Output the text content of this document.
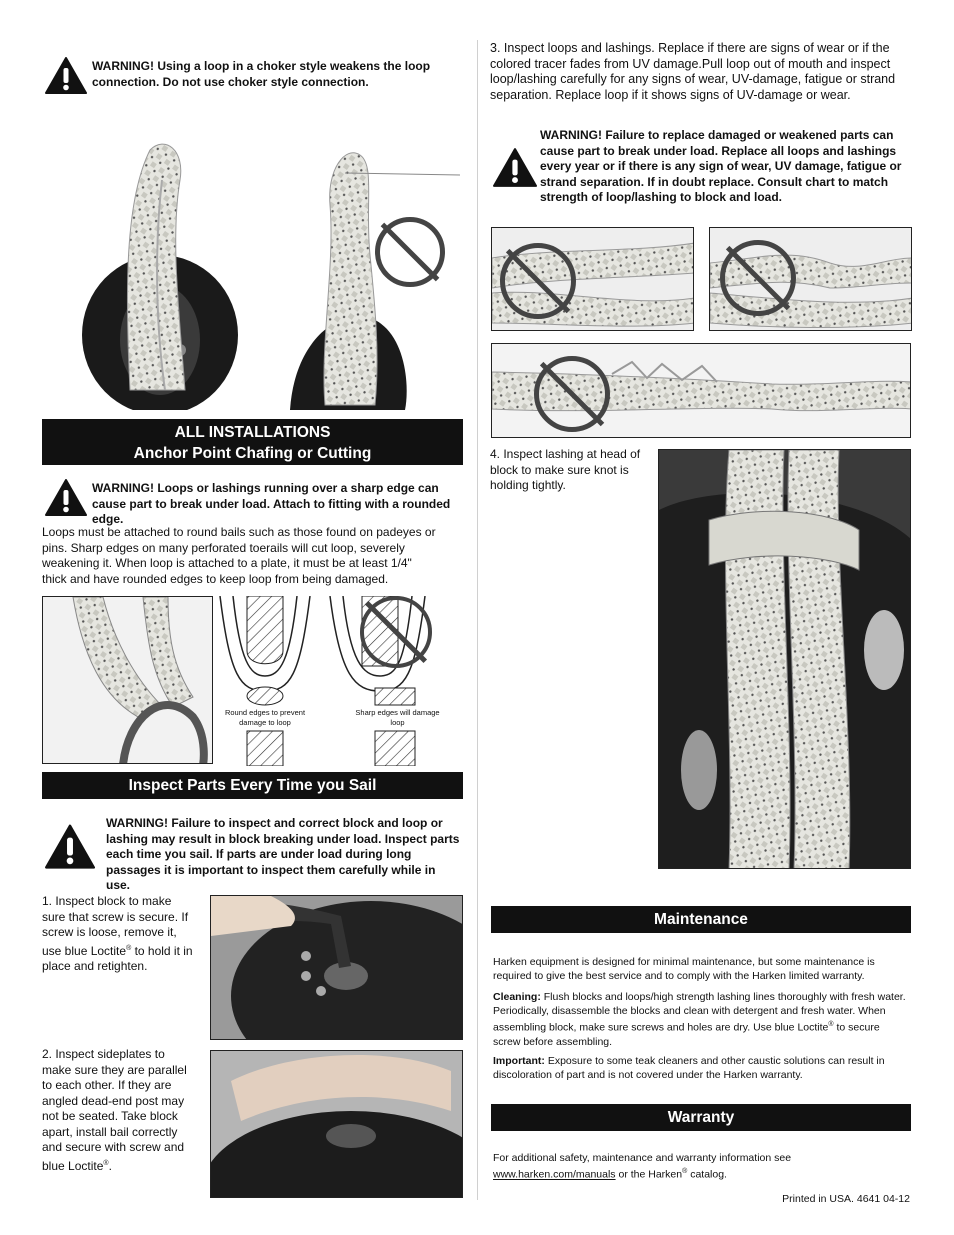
WARNING! Using a loop in a choker style weakens the loop connection. Do not use choker style connection.
ALL INSTALLATIONS
Anchor Point Chafing or Cutting
WARNING! Loops or lashings running over a sharp edge can cause part to break under load. Attach to fitting with a rounded edge.
Loops must be attached to round bails such as those found on padeyes or pins. Sharp edges on many perforated toerails will cut loop, severely weakening it. When loop is attached to a plate, it must be at least 1/4" thick and have rounded edges to keep loop from being damaged.
Round edges to prevent damage to loop
Sharp edges will damage loop
Inspect Parts Every Time you Sail
WARNING! Failure to inspect and correct block and loop or lashing may result in block breaking under load. Inspect parts each time you sail. If parts are under load during long passages it is important to inspect them carefully while in use.
1. Inspect block to make sure that screw is secure. If screw is loose, remove it, use blue Loctite® to hold it in place and retighten.
2. Inspect sideplates to make sure they are parallel to each other. If they are angled dead-end post may not be seated. Take block apart, install bail correctly and secure with screw and blue Loctite®.
3. Inspect loops and lashings. Replace if there are signs of wear or if the colored tracer fades from UV damage.Pull loop out of mouth and inspect loop/lashing carefully for any signs of wear, UV-damage, fatigue or strand separation. Replace loop if it shows signs of UV-damage or wear.
WARNING! Failure to replace damaged or weakened parts can cause part to break under load. Replace all loops and lashings every year or if there is any sign of wear, UV damage, fatigue or strand separation. If in doubt replace. Consult chart to match strength of loop/lashing to block and load.
4. Inspect lashing at head of block to make sure knot is holding tightly.
Maintenance
Harken equipment is designed for minimal maintenance, but some maintenance is required to give the best service and to comply with the Harken limited warranty.
Cleaning: Flush blocks and loops/high strength lashing lines thoroughly with fresh water. Periodically, disassemble the blocks and clean with detergent and fresh water. When assembling block, make sure screws and holes are dry. Use blue Loctite® to secure screw before assembling.
Important: Exposure to some teak cleaners and other caustic solutions can result in discoloration of part and is not covered under the Harken warranty.
Warranty
For additional safety, maintenance and warranty information see www.harken.com/manuals or the Harken® catalog.
Printed in USA. 4641 04-12
